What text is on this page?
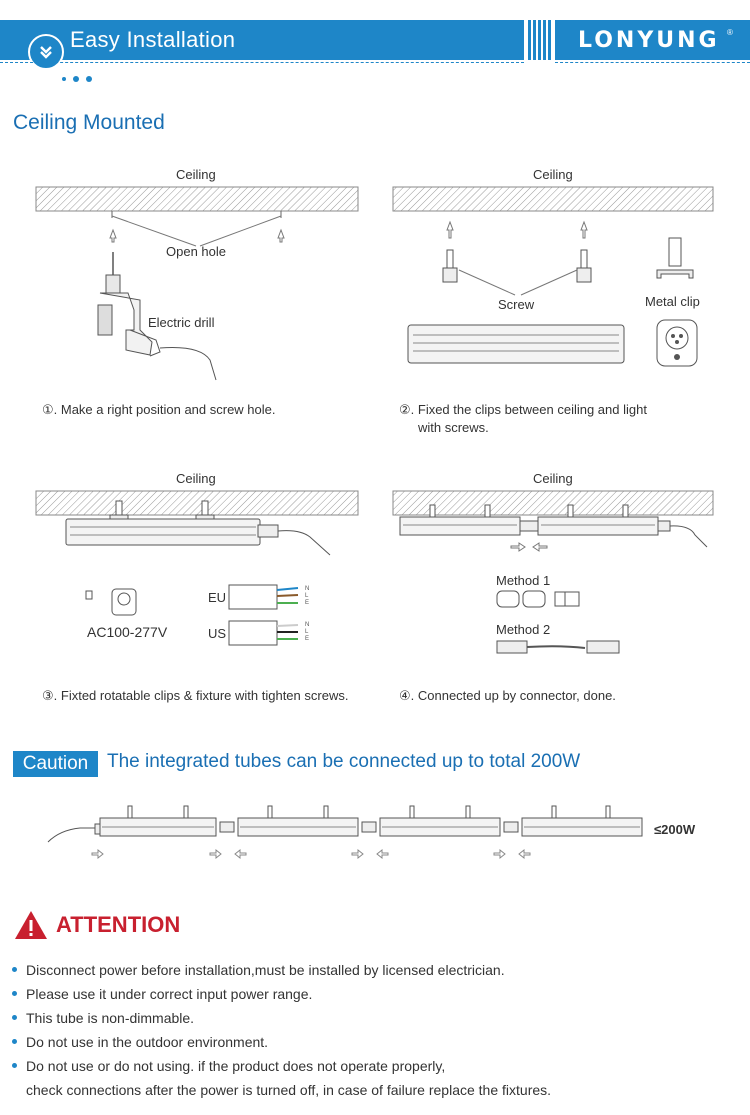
Easy Installation	LONYUNG ®
Ceiling Mounted
Ceiling
Open hole
Electric drill
①. Make a right position and screw hole.
Ceiling
Screw	Metal clip
②. Fixed the clips between ceiling and light
with screws.
Ceiling
AC100-277V
EU
US
N
L
E
N
L
E
③. Fixted rotatable clips & fixture with tighten screws.
Ceiling
Method 1
Method 2
④. Connected up by connector, done.
Caution The integrated tubes can be connected up to total 200W
≤200W
ATTENTION
Disconnect power before installation,must be installed by licensed electrician.
Please use it under correct input power range.
This tube is non-dimmable.
Do not use in the outdoor environment.
Do not use or do not using. if the product does not operate properly,
check connections after the power is turned off, in case of failure replace the fixtures.
